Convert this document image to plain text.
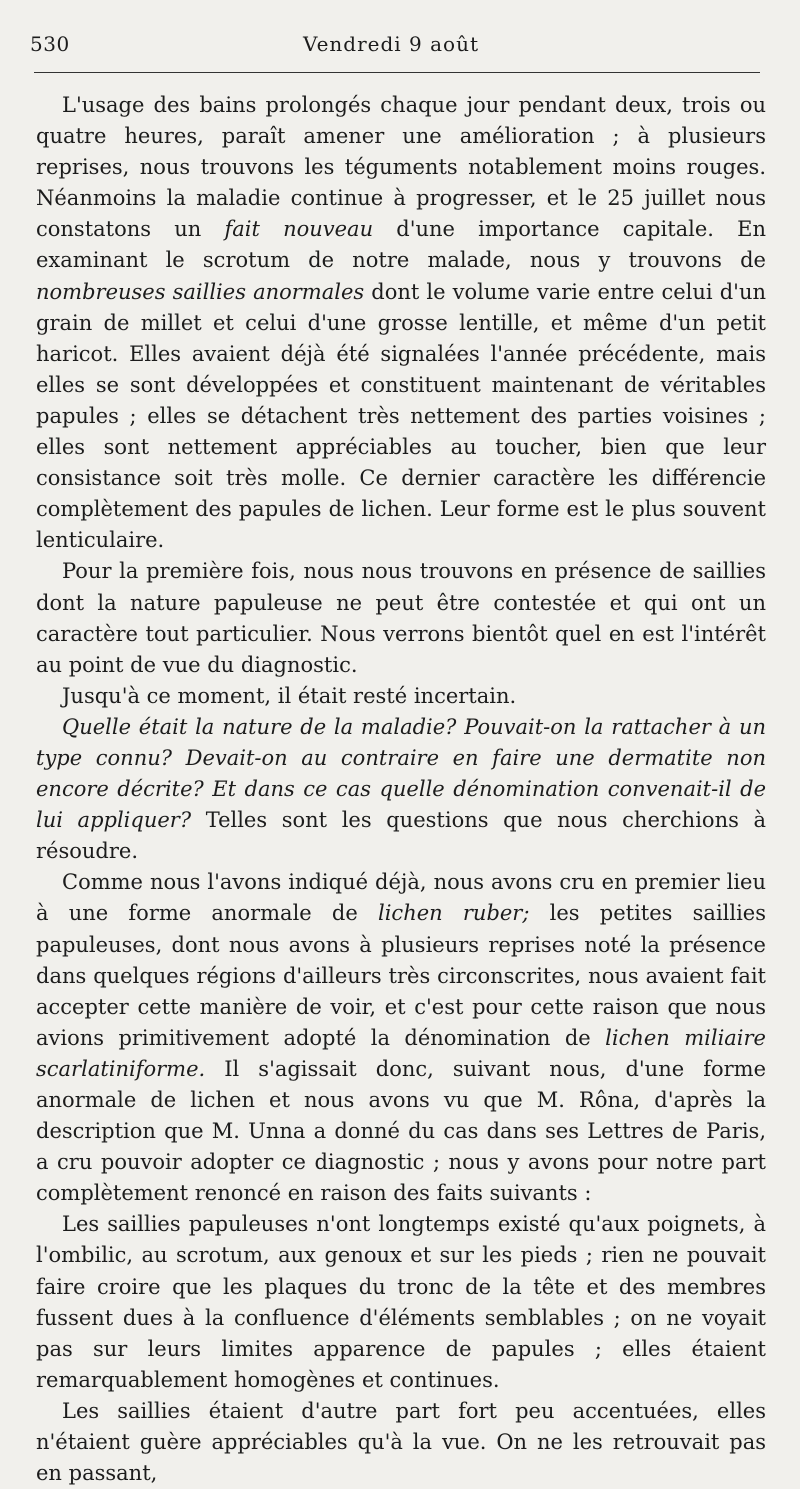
530	Vendredi 9 août

L'usage des bains prolongés chaque jour pendant deux, trois ou quatre heures, paraît amener une amélioration ; à plusieurs reprises, nous trouvons les téguments notablement moins rouges. Néanmoins la maladie continue à progresser, et le 25 juillet nous constatons un fait nouveau d'une importance capitale. En examinant le scrotum de notre malade, nous y trouvons de nombreuses saillies anormales dont le volume varie entre celui d'un grain de millet et celui d'une grosse lentille, et même d'un petit haricot. Elles avaient déjà été signalées l'année précédente, mais elles se sont développées et constituent maintenant de véritables papules ; elles se détachent très nettement des parties voisines ; elles sont nettement appréciables au toucher, bien que leur consistance soit très molle. Ce dernier caractère les différencie complètement des papules de lichen. Leur forme est le plus souvent lenticulaire.

Pour la première fois, nous nous trouvons en présence de saillies dont la nature papuleuse ne peut être contestée et qui ont un caractère tout particulier. Nous verrons bientôt quel en est l'intérêt au point de vue du diagnostic.

Jusqu'à ce moment, il était resté incertain.

Quelle était la nature de la maladie? Pouvait-on la rattacher à un type connu? Devait-on au contraire en faire une dermatite non encore décrite? Et dans ce cas quelle dénomination convenait-il de lui appliquer? Telles sont les questions que nous cherchions à résoudre.

Comme nous l'avons indiqué déjà, nous avons cru en premier lieu à une forme anormale de lichen ruber; les petites saillies papuleuses, dont nous avons à plusieurs reprises noté la présence dans quelques régions d'ailleurs très circonscrites, nous avaient fait accepter cette manière de voir, et c'est pour cette raison que nous avions primitivement adopté la dénomination de lichen miliaire scarlatiniforme. Il s'agissait donc, suivant nous, d'une forme anormale de lichen et nous avons vu que M. Rôna, d'après la description que M. Unna a donné du cas dans ses Lettres de Paris, a cru pouvoir adopter ce diagnostic ; nous y avons pour notre part complètement renoncé en raison des faits suivants :

Les saillies papuleuses n'ont longtemps existé qu'aux poignets, à l'ombilic, au scrotum, aux genoux et sur les pieds ; rien ne pouvait faire croire que les plaques du tronc de la tête et des membres fussent dues à la confluence d'éléments semblables ; on ne voyait pas sur leurs limites apparence de papules ; elles étaient remarquablement homogènes et continues.

Les saillies étaient d'autre part fort peu accentuées, elles n'étaient guère appréciables qu'à la vue. On ne les retrouvait pas en passant,
